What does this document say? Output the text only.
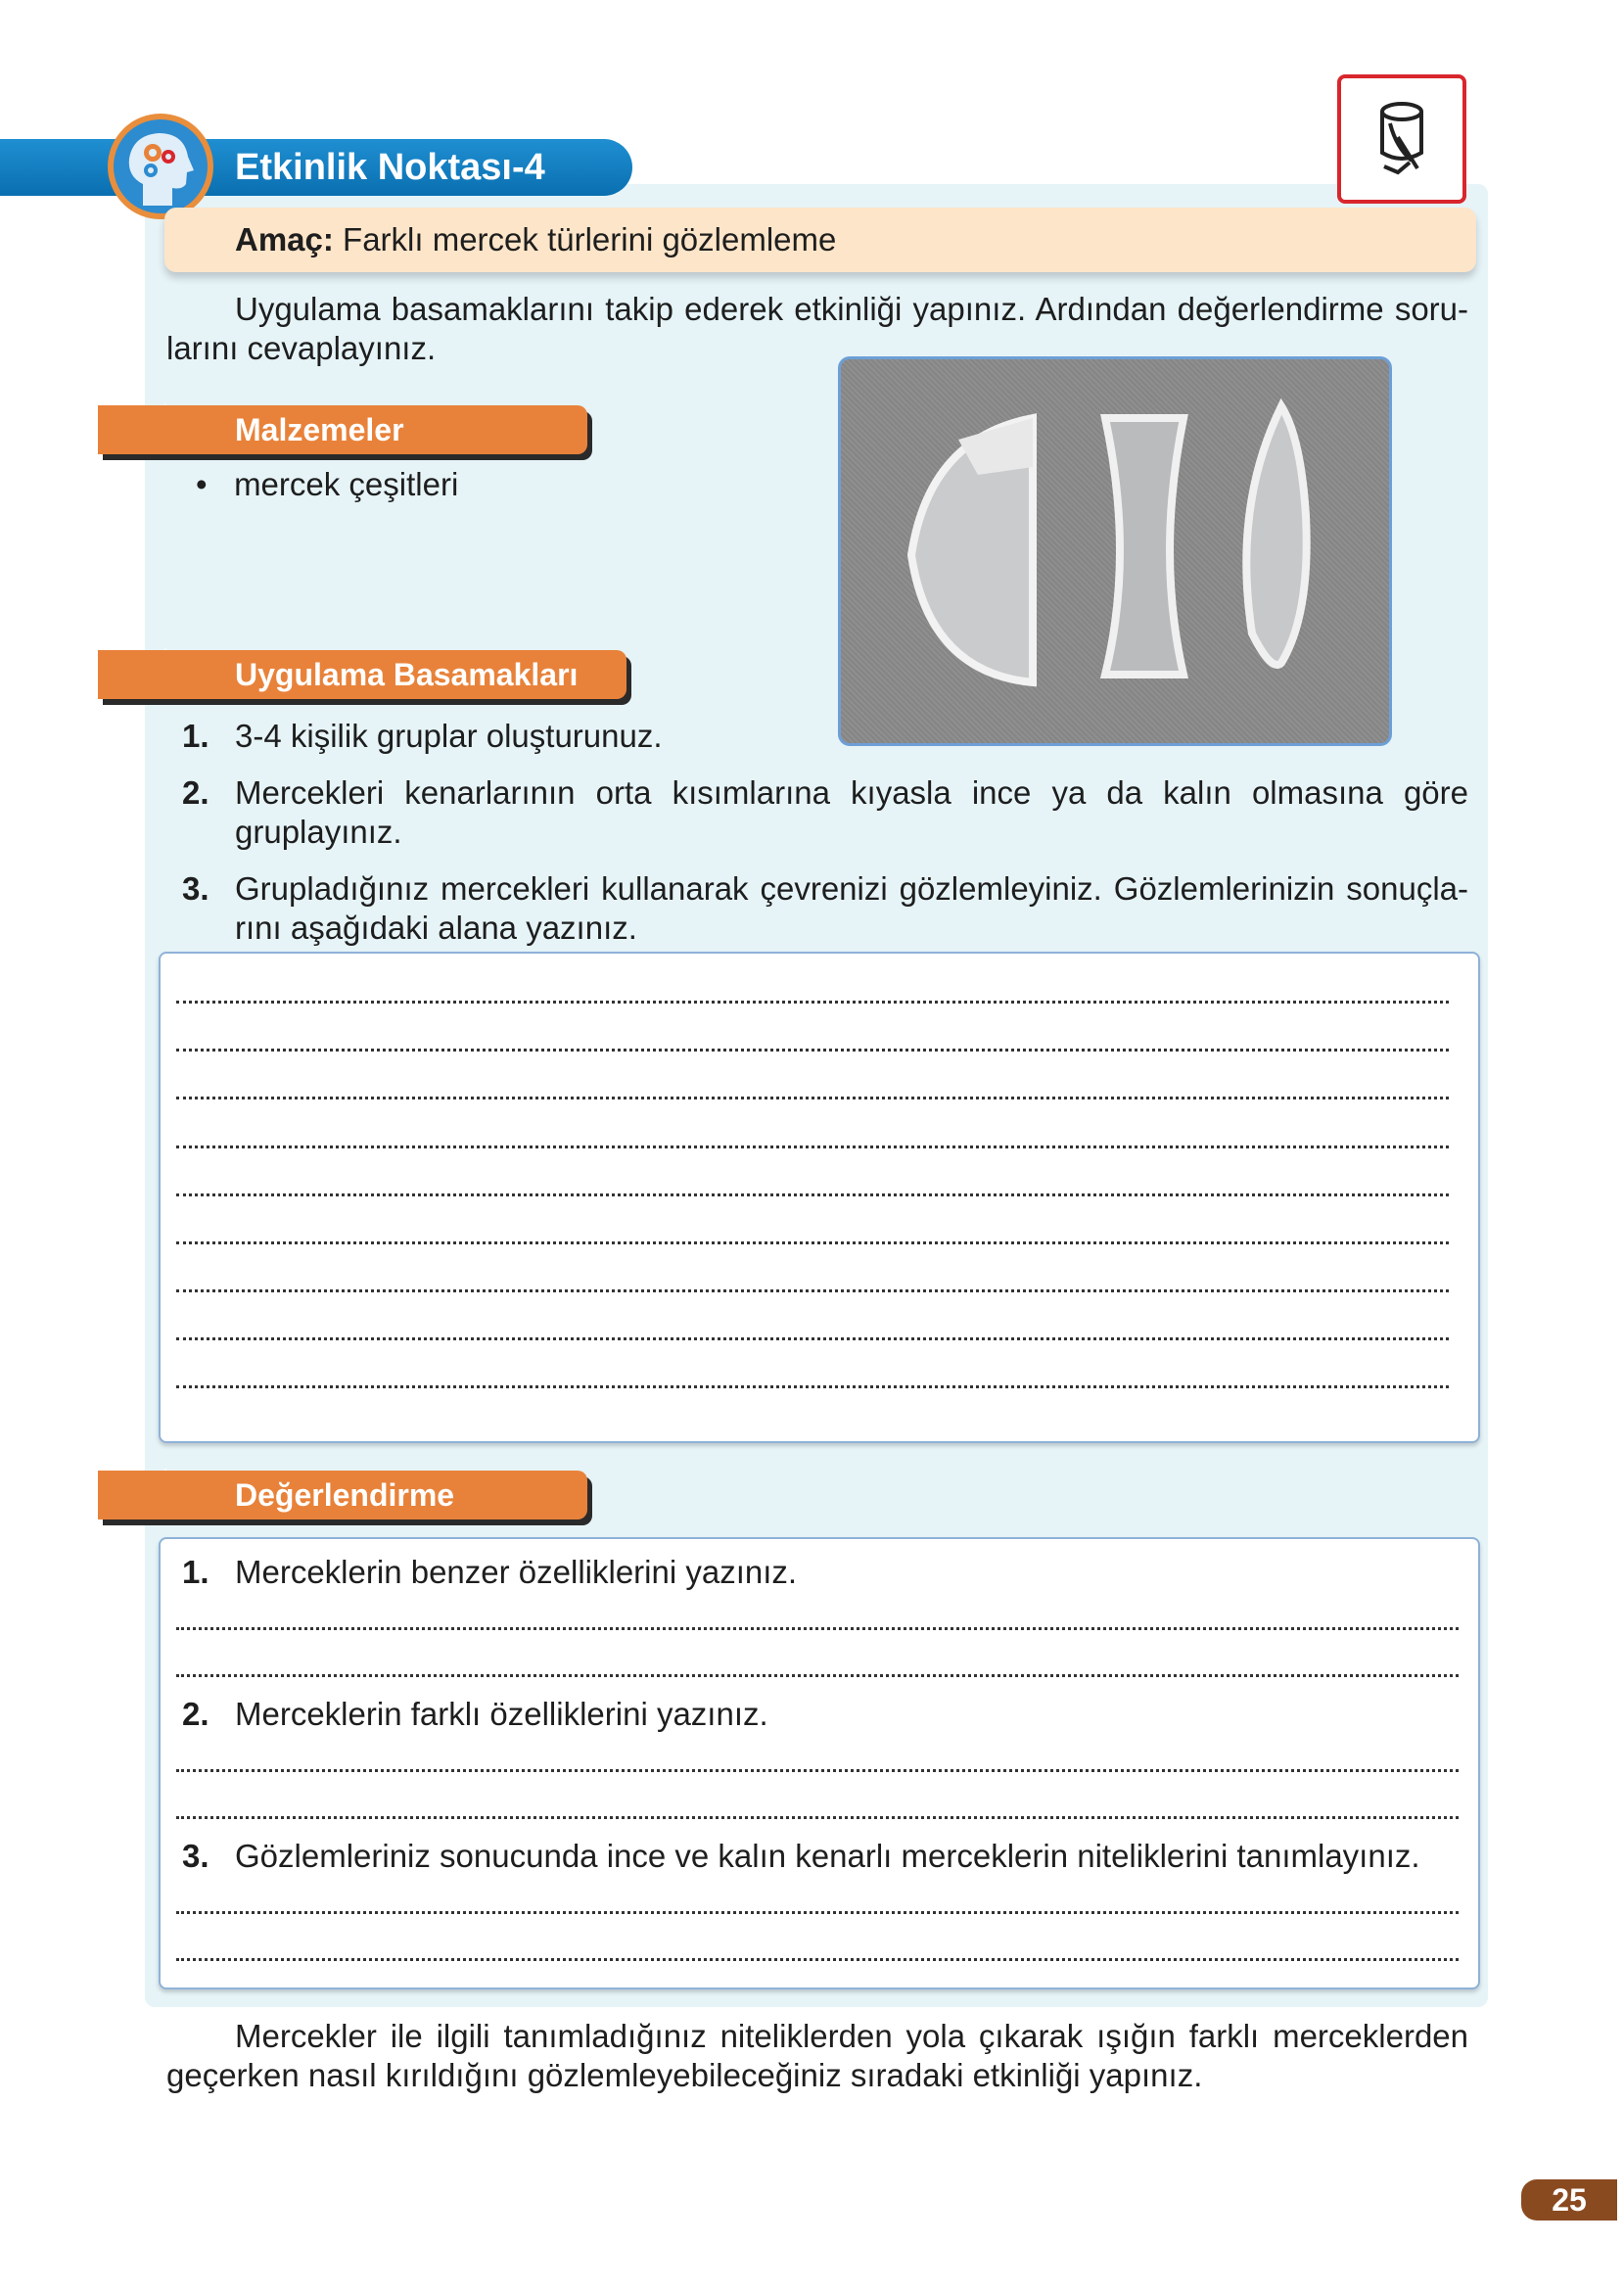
Etkinlik Noktası-4
Amaç: Farklı mercek türlerini gözlemleme
Uygulama basamaklarını takip ederek etkinliği yapınız. Ardından değerlendirme soru-larını cevaplayınız.
Malzemeler
•   mercek çeşitleri
Uygulama Basamakları
1. 3-4 kişilik gruplar oluşturunuz.
2. Mercekleri kenarlarının orta kısımlarına kıyasla ince ya da kalın olmasına göre gruplayınız.
3. Grupladığınız mercekleri kullanarak çevrenizi gözlemleyiniz. Gözlemlerinizin sonuçla-rını aşağıdaki alana yazınız.
Değerlendirme
1. Merceklerin benzer özelliklerini yazınız.
2. Merceklerin farklı özelliklerini yazınız.
3. Gözlemleriniz sonucunda ince ve kalın kenarlı merceklerin niteliklerini tanımlayınız.
Mercekler ile ilgili tanımladığınız niteliklerden yola çıkarak ışığın farklı merceklerden geçerken nasıl kırıldığını gözlemleyebileceğiniz sıradaki etkinliği yapınız.
25
